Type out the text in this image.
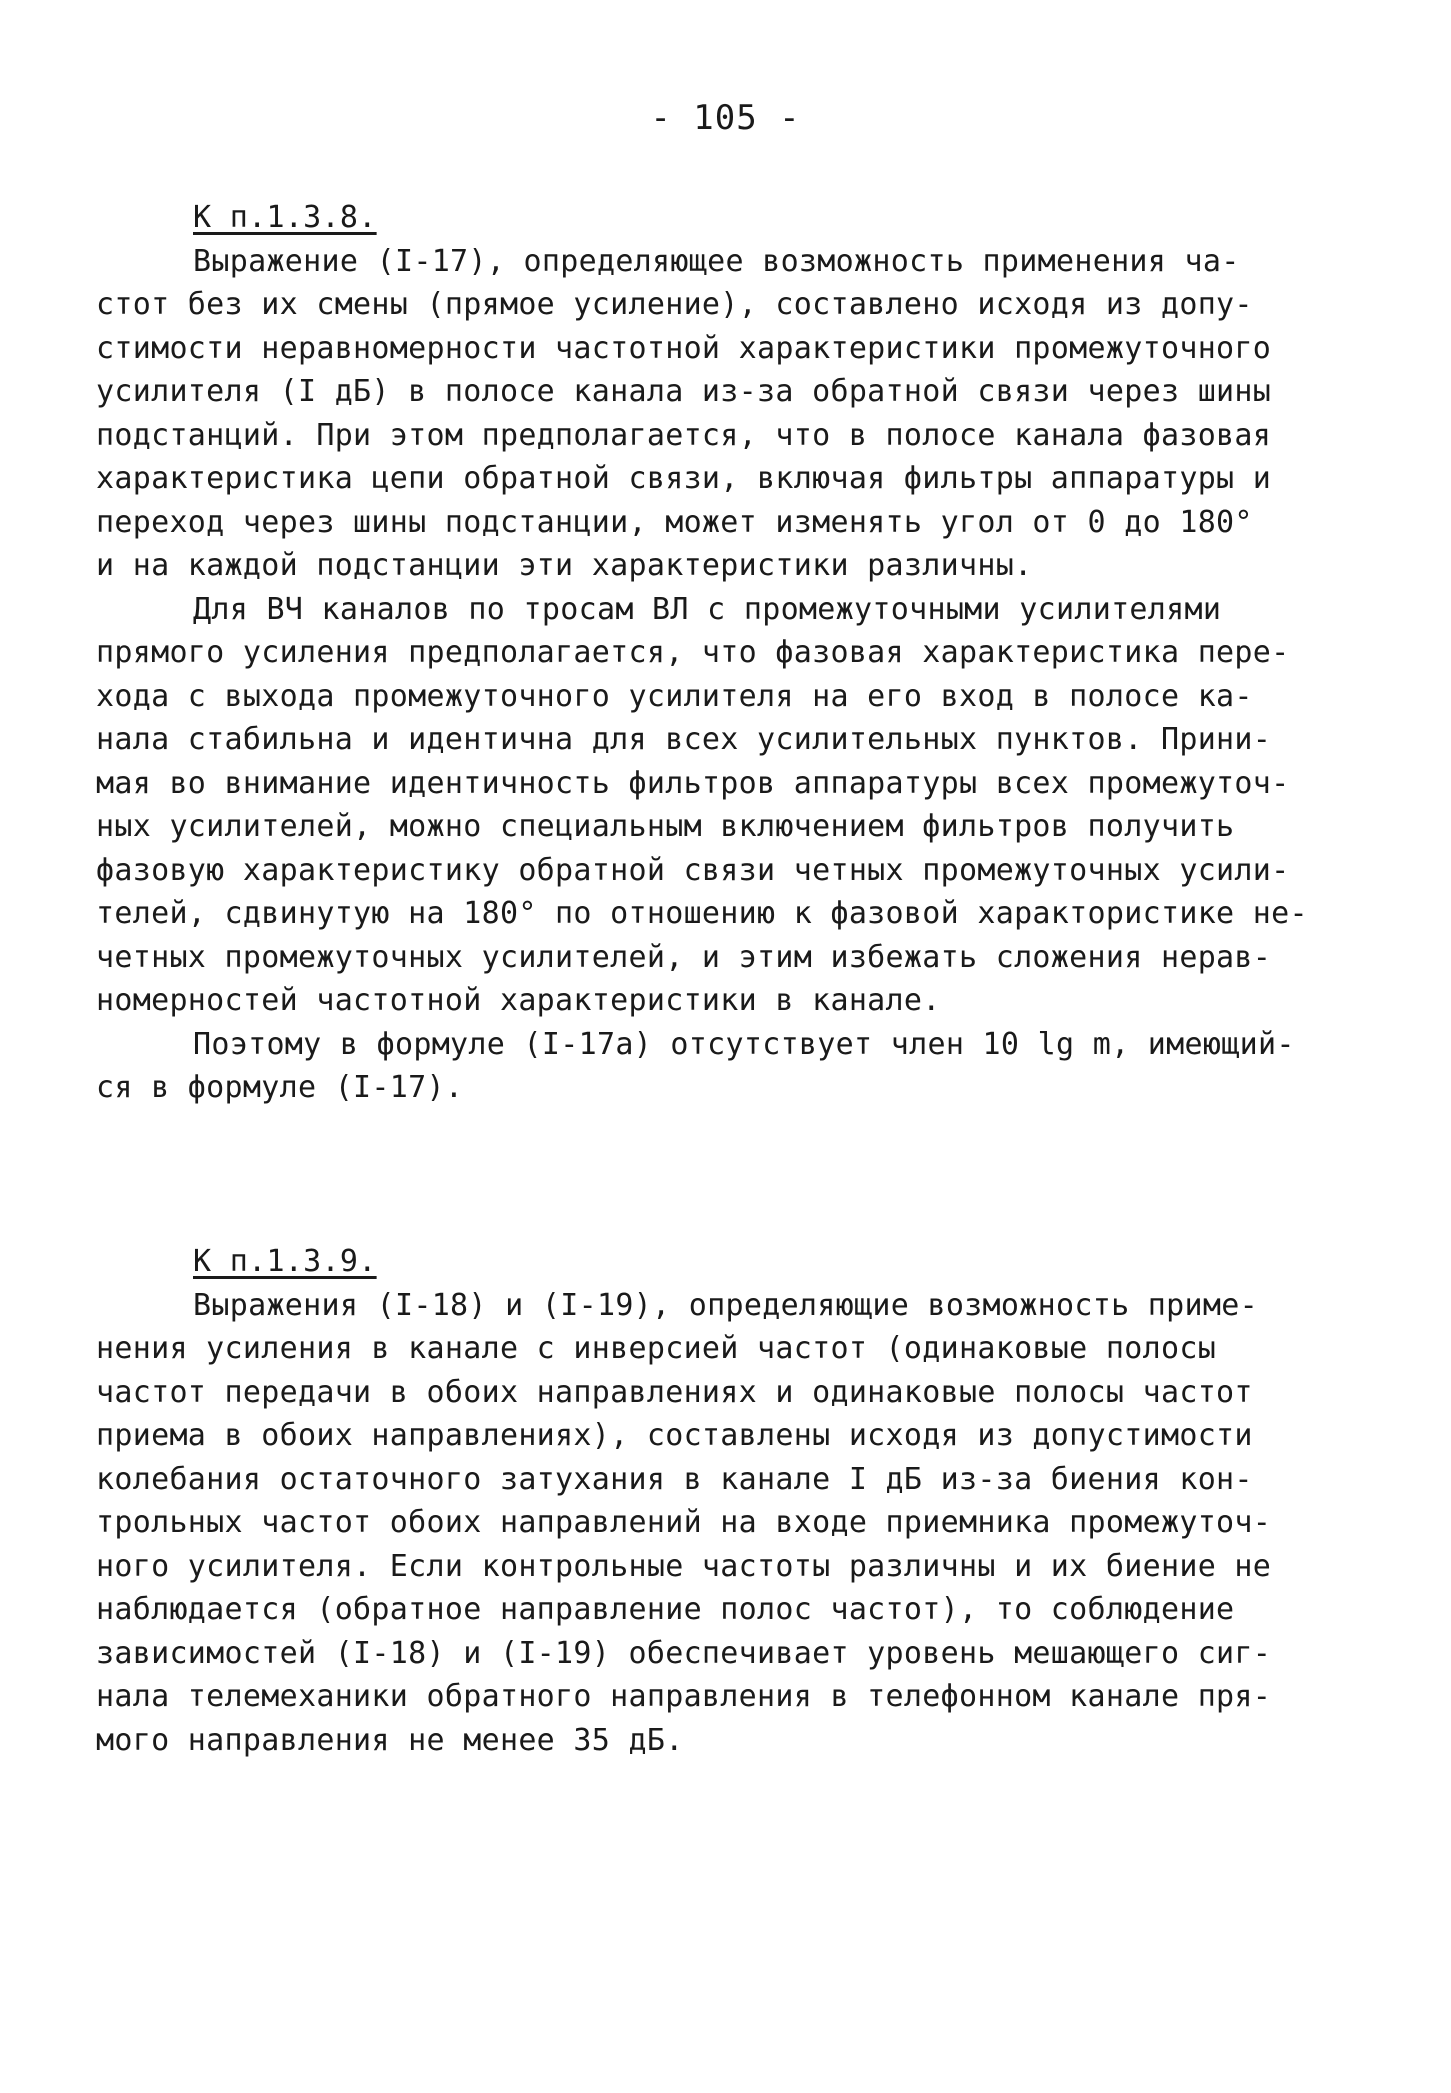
- 105 -
К п.1.3.8.
Выражение (I-17), определяющее возможность применения ча-
стот без их смены (прямое усиление), составлено исходя из допу-
стимости неравномерности частотной характеристики промежуточного
усилителя (I дБ) в полосе канала из-за обратной связи через шины
подстанций. При этом предполагается, что в полосе канала фазовая
характеристика цепи обратной связи, включая фильтры аппаратуры и
переход через шины подстанции, может изменять угол от 0 до 180°
и на каждой подстанции эти характеристики различны.
Для ВЧ каналов по тросам ВЛ с промежуточными усилителями
прямого усиления предполагается, что фазовая характеристика пере-
хода с выхода промежуточного усилителя на его вход в полосе ка-
нала стабильна и идентична для всех усилительных пунктов. Прини-
мая во внимание идентичность фильтров аппаратуры всех промежуточ-
ных усилителей, можно специальным включением фильтров получить
фазовую характеристику обратной связи четных промежуточных усили-
телей, сдвинутую на 180° по отношению к фазовой характористике не-
четных промежуточных усилителей, и этим избежать сложения нерав-
номерностей частотной характеристики в канале.
Поэтому в формуле (I-17а) отсутствует член 10 lg m, имеющий-
ся в формуле (I-17).
К п.1.3.9.
Выражения (I-18) и (I-19), определяющие возможность приме-
нения усиления в канале с инверсией частот (одинаковые полосы
частот передачи в обоих направлениях и одинаковые полосы частот
приема в обоих направлениях), составлены исходя из допустимости
колебания остаточного затухания в канале I дБ из-за биения кон-
трольных частот обоих направлений на входе приемника промежуточ-
ного усилителя. Если контрольные частоты различны и их биение не
наблюдается (обратное направление полос частот), то соблюдение
зависимостей (I-18) и (I-19) обеспечивает уровень мешающего сиг-
нала телемеханики обратного направления в телефонном канале пря-
мого направления не менее 35 дБ.
